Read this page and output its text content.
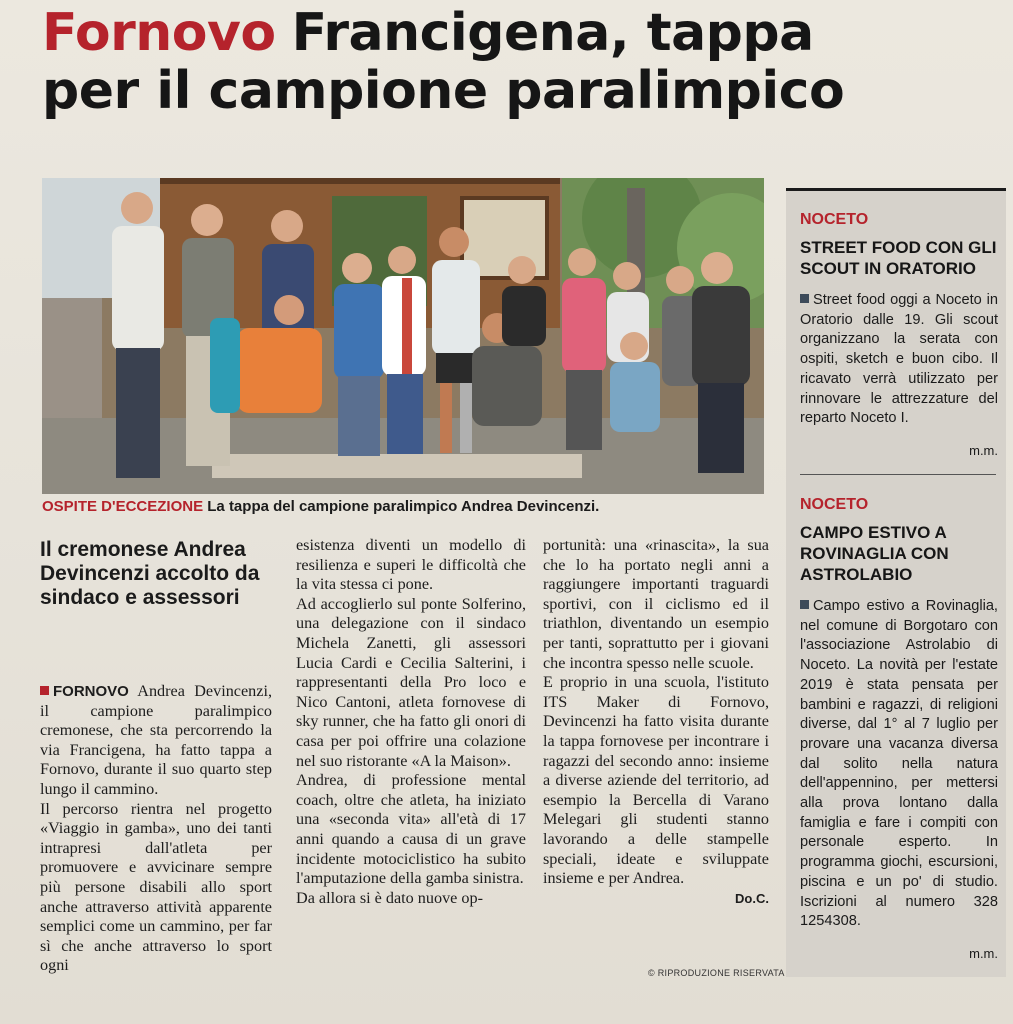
Fornovo Francigena, tappa
per il campione paralimpico
OSPITE D'ECCEZIONE La tappa del campione paralimpico Andrea Devincenzi.
Il cremonese Andrea Devincenzi accolto da sindaco e assessori

FORNOVO Andrea Devincenzi, il campione paralimpico cremonese, che sta percorrendo la via Francigena, ha fatto tappa a Fornovo, durante il suo quarto step lungo il cammino.

Il percorso rientra nel progetto «Viaggio in gamba», uno dei tanti intrapresi dall'atleta per promuovere e avvicinare sempre più persone disabili allo sport anche attraverso attività apparente semplici come un cammino, per far sì che anche attraverso lo sport ogni

esistenza diventi un modello di resilienza e superi le difficoltà che la vita stessa ci pone.

Ad accoglierlo sul ponte Solferino, una delegazione con il sindaco Michela Zanetti, gli assessori Lucia Cardi e Cecilia Salterini, i rappresentanti della Pro loco e Nico Cantoni, atleta fornovese di sky runner, che ha fatto gli onori di casa per poi offrire una colazione nel suo ristorante «A la Maison».

Andrea, di professione mental coach, oltre che atleta, ha iniziato una «seconda vita» all'età di 17 anni quando a causa di un grave incidente motociclistico ha subito l'amputazione della gamba sinistra.

Da allora si è dato nuove op-

portunità: una «rinascita», la sua che lo ha portato negli anni a raggiungere importanti traguardi sportivi, con il ciclismo ed il triathlon, diventando un esempio per tanti, soprattutto per i giovani che incontra spesso nelle scuole.

E proprio in una scuola, l'istituto ITS Maker di Fornovo, Devincenzi ha fatto visita durante la tappa fornovese per incontrare i ragazzi del secondo anno: insieme a diverse aziende del territorio, ad esempio la Bercella di Varano Melegari gli studenti stanno lavorando a delle stampelle speciali, ideate e sviluppate insieme e per Andrea.

Do.C.

© RIPRODUZIONE RISERVATA
NOCETO
STREET FOOD CON GLI SCOUT IN ORATORIO
Street food oggi a Noceto in Oratorio dalle 19. Gli scout organizzano la serata con ospiti, sketch e buon cibo. Il ricavato verrà utilizzato per rinnovare le attrezzature del reparto Noceto I.
m.m.
NOCETO
CAMPO ESTIVO A ROVINAGLIA CON ASTROLABIO
Campo estivo a Rovinaglia, nel comune di Borgotaro con l'associazione Astrolabio di Noceto. La novità per l'estate 2019 è stata pensata per bambini e ragazzi, di religioni diverse, dal 1° al 7 luglio per provare una vacanza diversa dal solito nella natura dell'appennino, per mettersi alla prova lontano dalla famiglia e fare i compiti con personale esperto. In programma giochi, escursioni, piscina e un po' di studio. Iscrizioni al numero 328 1254308.
m.m.
